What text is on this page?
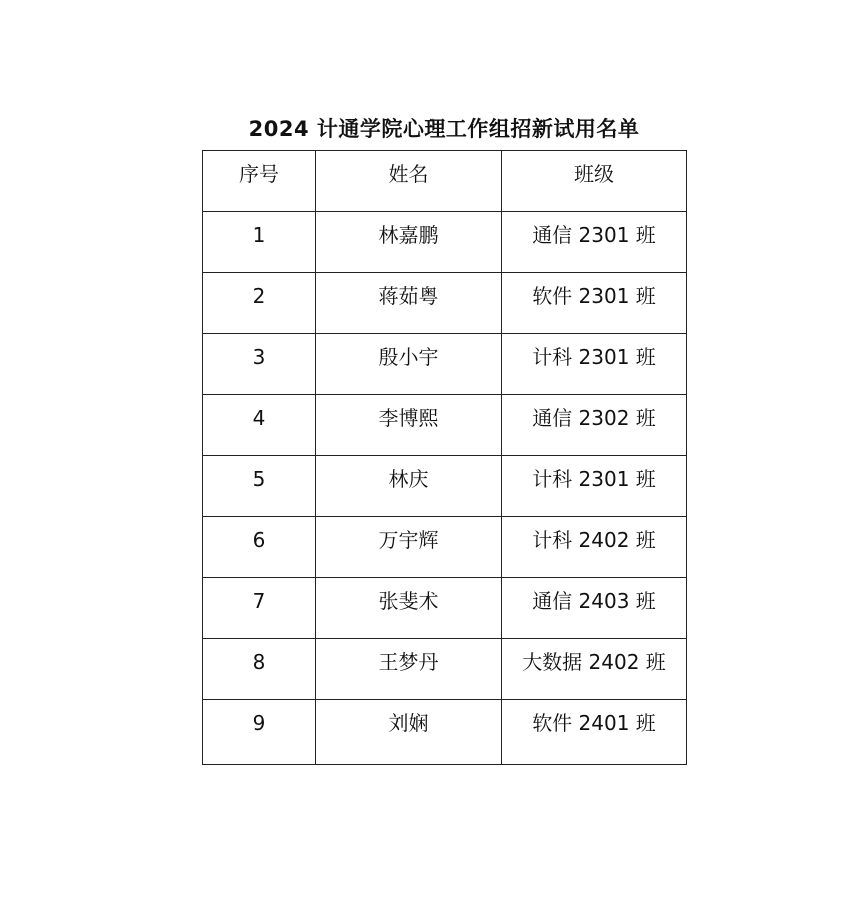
2024 计通学院心理工作组招新试用名单
序号	姓名	班级
1	林嘉鹏	通信 2301 班
2	蒋茹粤	软件 2301 班
3	殷小宇	计科 2301 班
4	李博熙	通信 2302 班
5	林庆	计科 2301 班
6	万宇辉	计科 2402 班
7	张斐术	通信 2403 班
8	王梦丹	大数据 2402 班
9	刘娴	软件 2401 班
